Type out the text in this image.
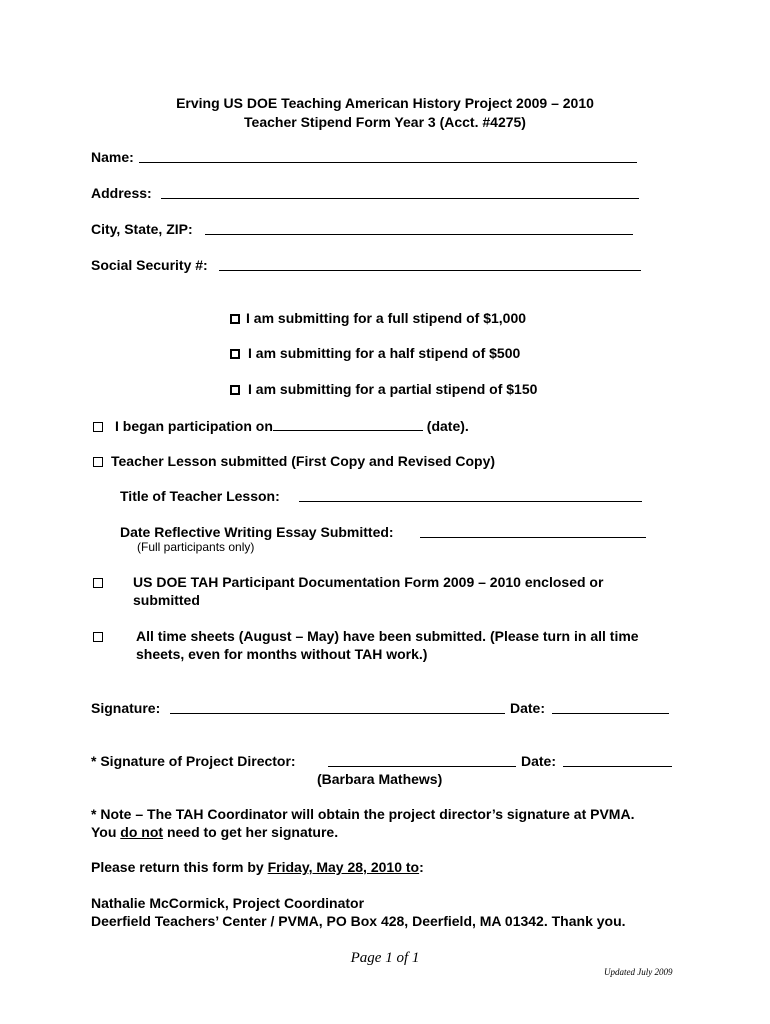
Erving US DOE Teaching American History Project 2009 – 2010
Teacher Stipend Form Year 3 (Acct. #4275)
Name:
Address:
City, State, ZIP:
Social Security #:
I am submitting for a full stipend of $1,000
I am submitting for a half stipend of $500
I am submitting for a partial stipend of $150
I began participation on	(date).
Teacher Lesson submitted (First Copy and Revised Copy)
Title of Teacher Lesson:
Date Reflective Writing Essay Submitted:
(Full participants only)
US DOE TAH Participant Documentation Form 2009 – 2010 enclosed or
submitted
All time sheets (August – May) have been submitted. (Please turn in all time
sheets, even for months without TAH work.)
Signature:	Date:
* Signature of Project Director:	Date:
(Barbara Mathews)
* Note – The TAH Coordinator will obtain the project director’s signature at PVMA.
You do not need to get her signature.
Please return this form by Friday, May 28, 2010 to:
Nathalie McCormick, Project Coordinator
Deerfield Teachers’ Center / PVMA, PO Box 428, Deerfield, MA 01342. Thank you.
Page 1 of 1
Updated July 2009
